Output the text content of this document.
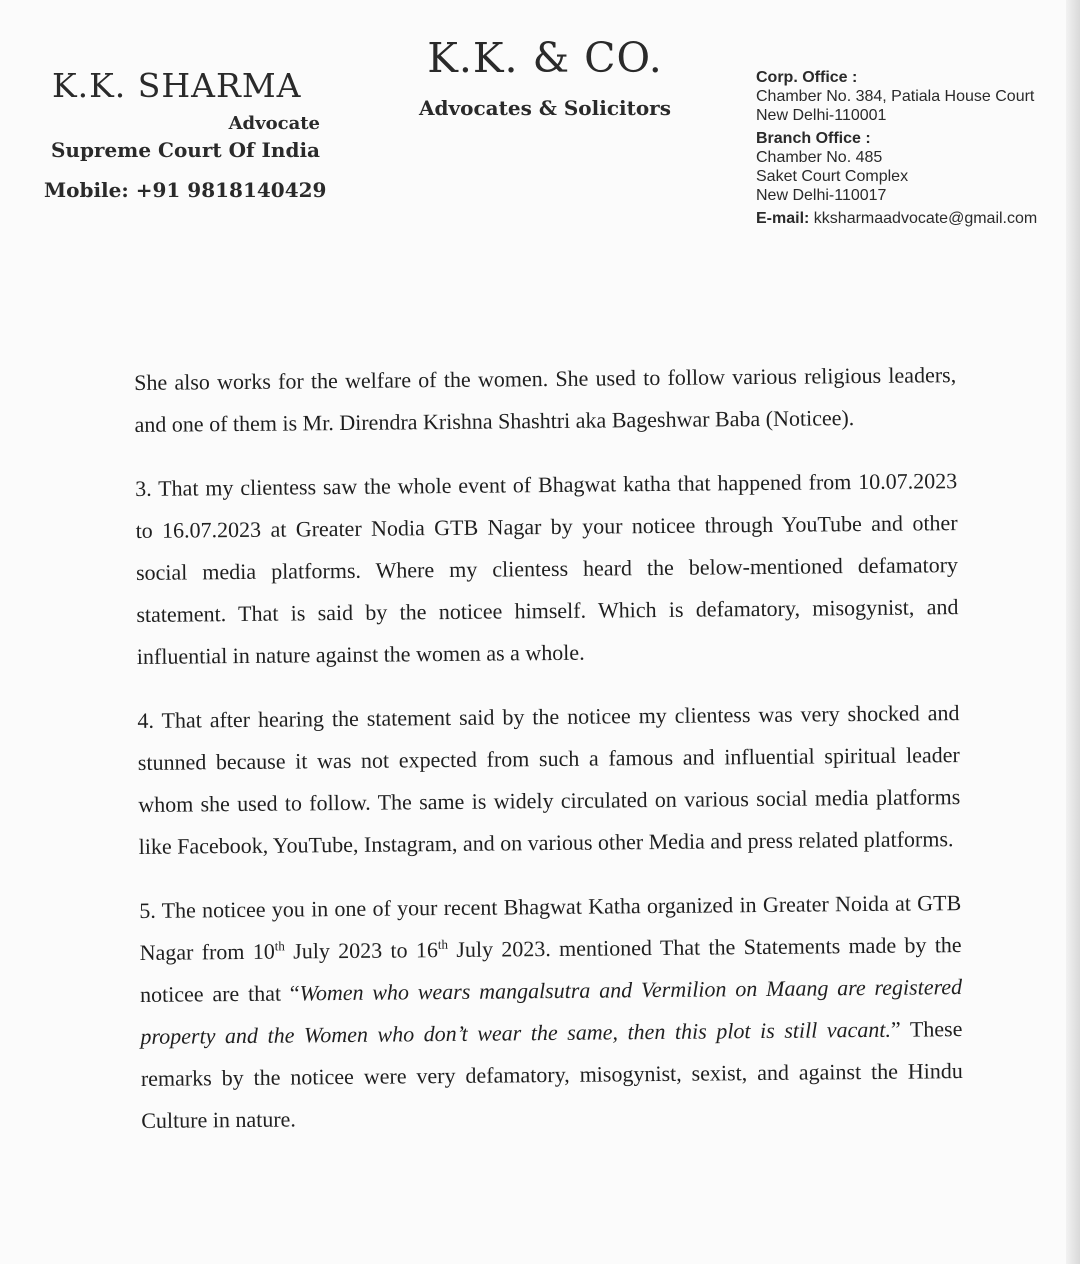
K.K. SHARMA
Advocate
Supreme Court Of India
Mobile: +91 9818140429
K.K. & CO.
Advocates & Solicitors
Corp. Office :
Chamber No. 384, Patiala House Court
New Delhi-110001
Branch Office :
Chamber No. 485
Saket Court Complex
New Delhi-110017
E-mail: kksharmaadvocate@gmail.com

She also works for the welfare of the women. She used to follow various religious leaders, and one of them is Mr. Direndra Krishna Shashtri aka Bageshwar Baba (Noticee).

3. That my clientess saw the whole event of Bhagwat katha that happened from 10.07.2023 to 16.07.2023 at Greater Nodia GTB Nagar by your noticee through YouTube and other social media platforms. Where my clientess heard the below-mentioned defamatory statement. That is said by the noticee himself. Which is defamatory, misogynist, and influential in nature against the women as a whole.

4. That after hearing the statement said by the noticee my clientess was very shocked and stunned because it was not expected from such a famous and influential spiritual leader whom she used to follow. The same is widely circulated on various social media platforms like Facebook, YouTube, Instagram, and on various other Media and press related platforms.

5. The noticee you in one of your recent Bhagwat Katha organized in Greater Noida at GTB Nagar from 10th July 2023 to 16th July 2023. mentioned That the Statements made by the noticee are that “Women who wears mangalsutra and Vermilion on Maang are registered property and the Women who don’t wear the same, then this plot is still vacant.” These remarks by the noticee were very defamatory, misogynist, sexist, and against the Hindu Culture in nature.
